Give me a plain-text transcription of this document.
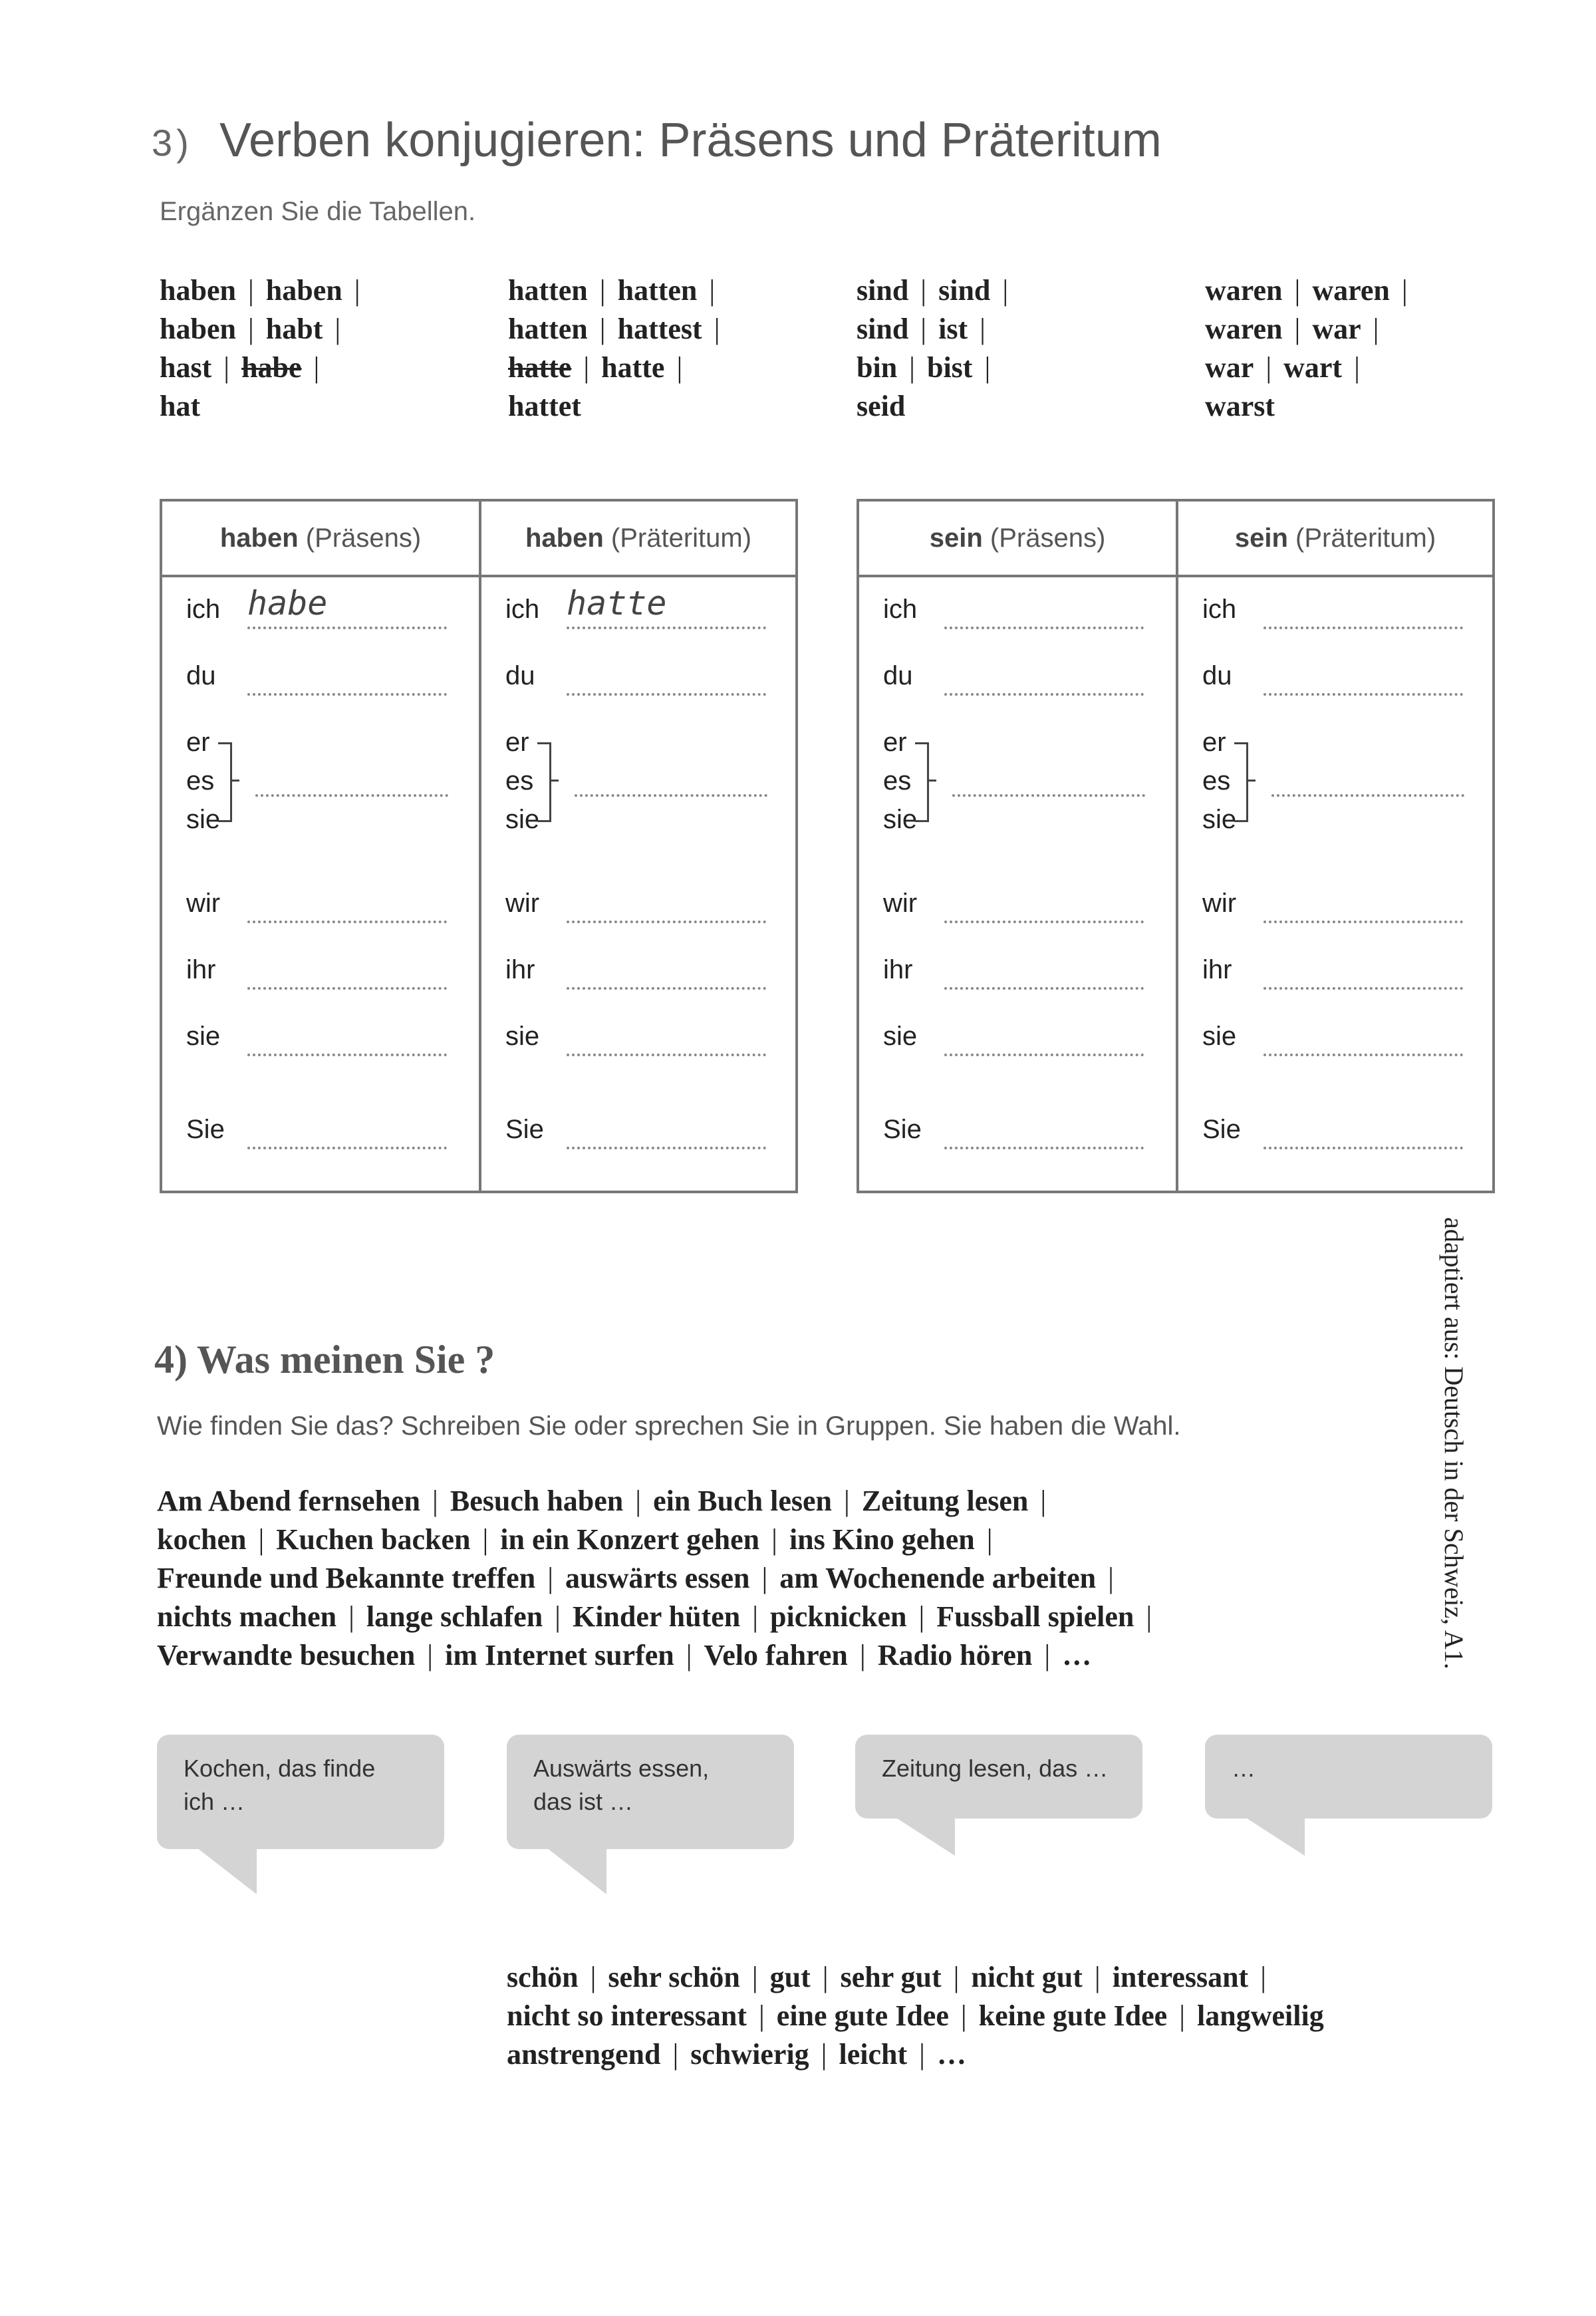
3) Verben konjugieren: Präsens und Präteritum
Ergänzen Sie die Tabellen.
haben | haben |
haben | habt |
hast | habe |
hat
hatten | hatten |
hatten | hattest |
hatte | hatte |
hattet
sind | sind |
sind | ist |
bin | bist |
seid
waren | waren |
waren | war |
war | wart |
warst
haben
(Präsens)
ich
du
wir
ihr
sie
Sie
habe
er
es
sie
haben
(Präteritum)
ich
du
wir
ihr
sie
Sie
hatte
er
es
sie
sein
(Präsens)
ich
du
wir
ihr
sie
Sie
er
es
sie
sein
(Präteritum)
ich
du
wir
ihr
sie
Sie
er
es
sie
4) Was meinen Sie ?
Wie finden Sie das? Schreiben Sie oder sprechen Sie in Gruppen. Sie haben die Wahl.
Am Abend fernsehen | Besuch haben | ein Buch lesen | Zeitung lesen |
kochen | Kuchen backen | in ein Konzert gehen | ins Kino gehen |
Freunde und Bekannte treffen | auswärts essen | am Wochenende arbeiten |
nichts machen | lange schlafen | Kinder hüten | picknicken | Fussball spielen |
Verwandte besuchen | im Internet surfen | Velo fahren | Radio hören | …	adaptiert aus: Deutsch in der Schweiz, A1.
Kochen, das finde
ich …
Auswärts essen,
das ist …
Zeitung lesen, das …	…
schön | sehr schön | gut | sehr gut | nicht gut | interessant |
nicht so interessant | eine gute Idee | keine gute Idee | langweilig
anstrengend | schwierig | leicht | …
